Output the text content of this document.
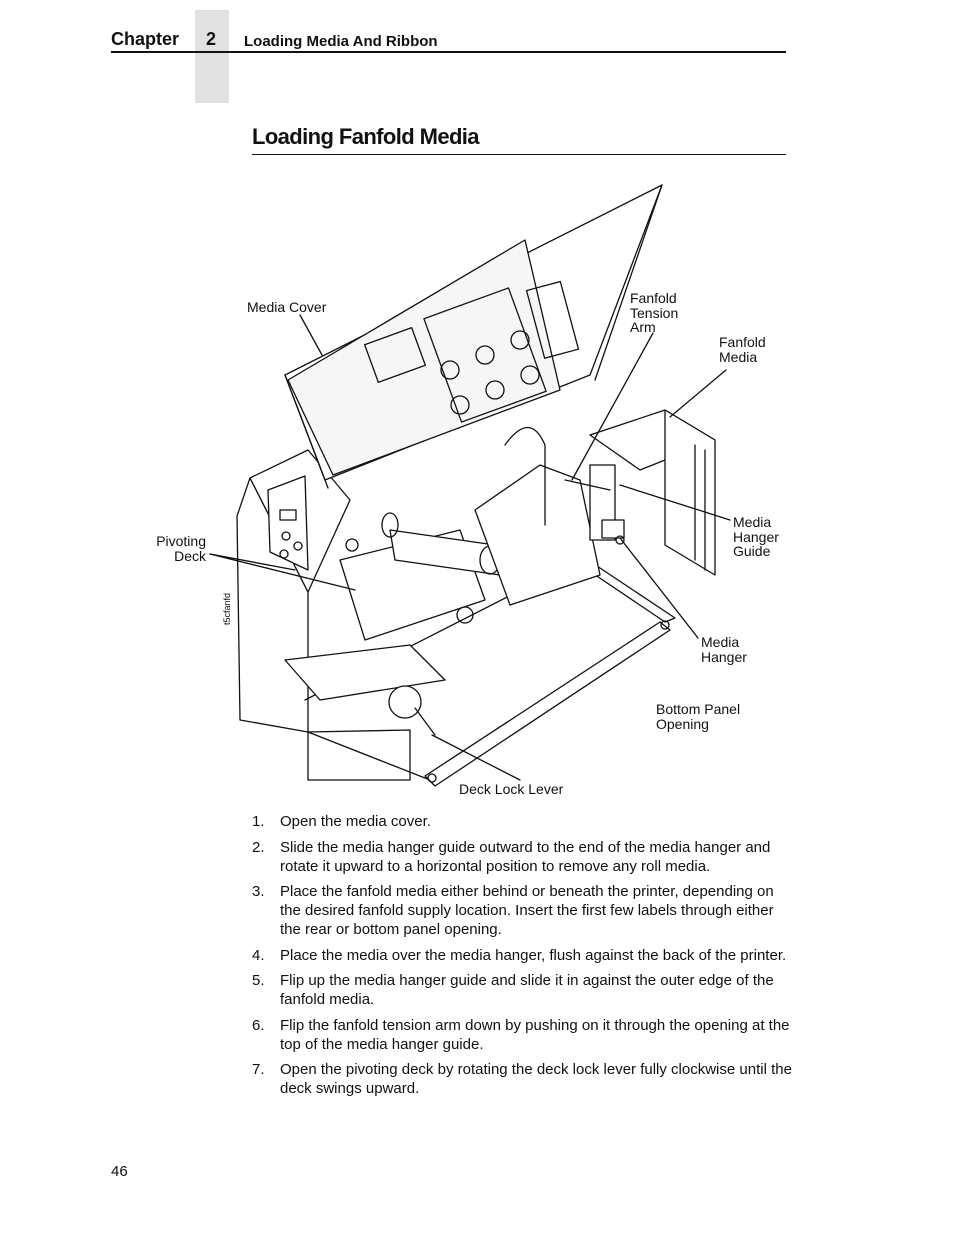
Chapter 2 Loading Media And Ribbon
Loading Fanfold Media
Media Cover
Fanfold
Tension
Arm
Fanfold
Media
Pivoting
Deck
Media
Hanger
Guide
Media
Hanger
Bottom Panel
Opening
Deck Lock Lever
t5cfanfd
1.	Open the media cover.
2.	Slide the media hanger guide outward to the end of the media hanger and rotate it upward to a horizontal position to remove any roll media.
3.	Place the fanfold media either behind or beneath the printer, depending on the desired fanfold supply location. Insert the first few labels through either the rear or bottom panel opening.
4.	Place the media over the media hanger, flush against the back of the printer.
5.	Flip up the media hanger guide and slide it in against the outer edge of the fanfold media.
6.	Flip the fanfold tension arm down by pushing on it through the opening at the top of the media hanger guide.
7.	Open the pivoting deck by rotating the deck lock lever fully clockwise until the deck swings upward.
46
